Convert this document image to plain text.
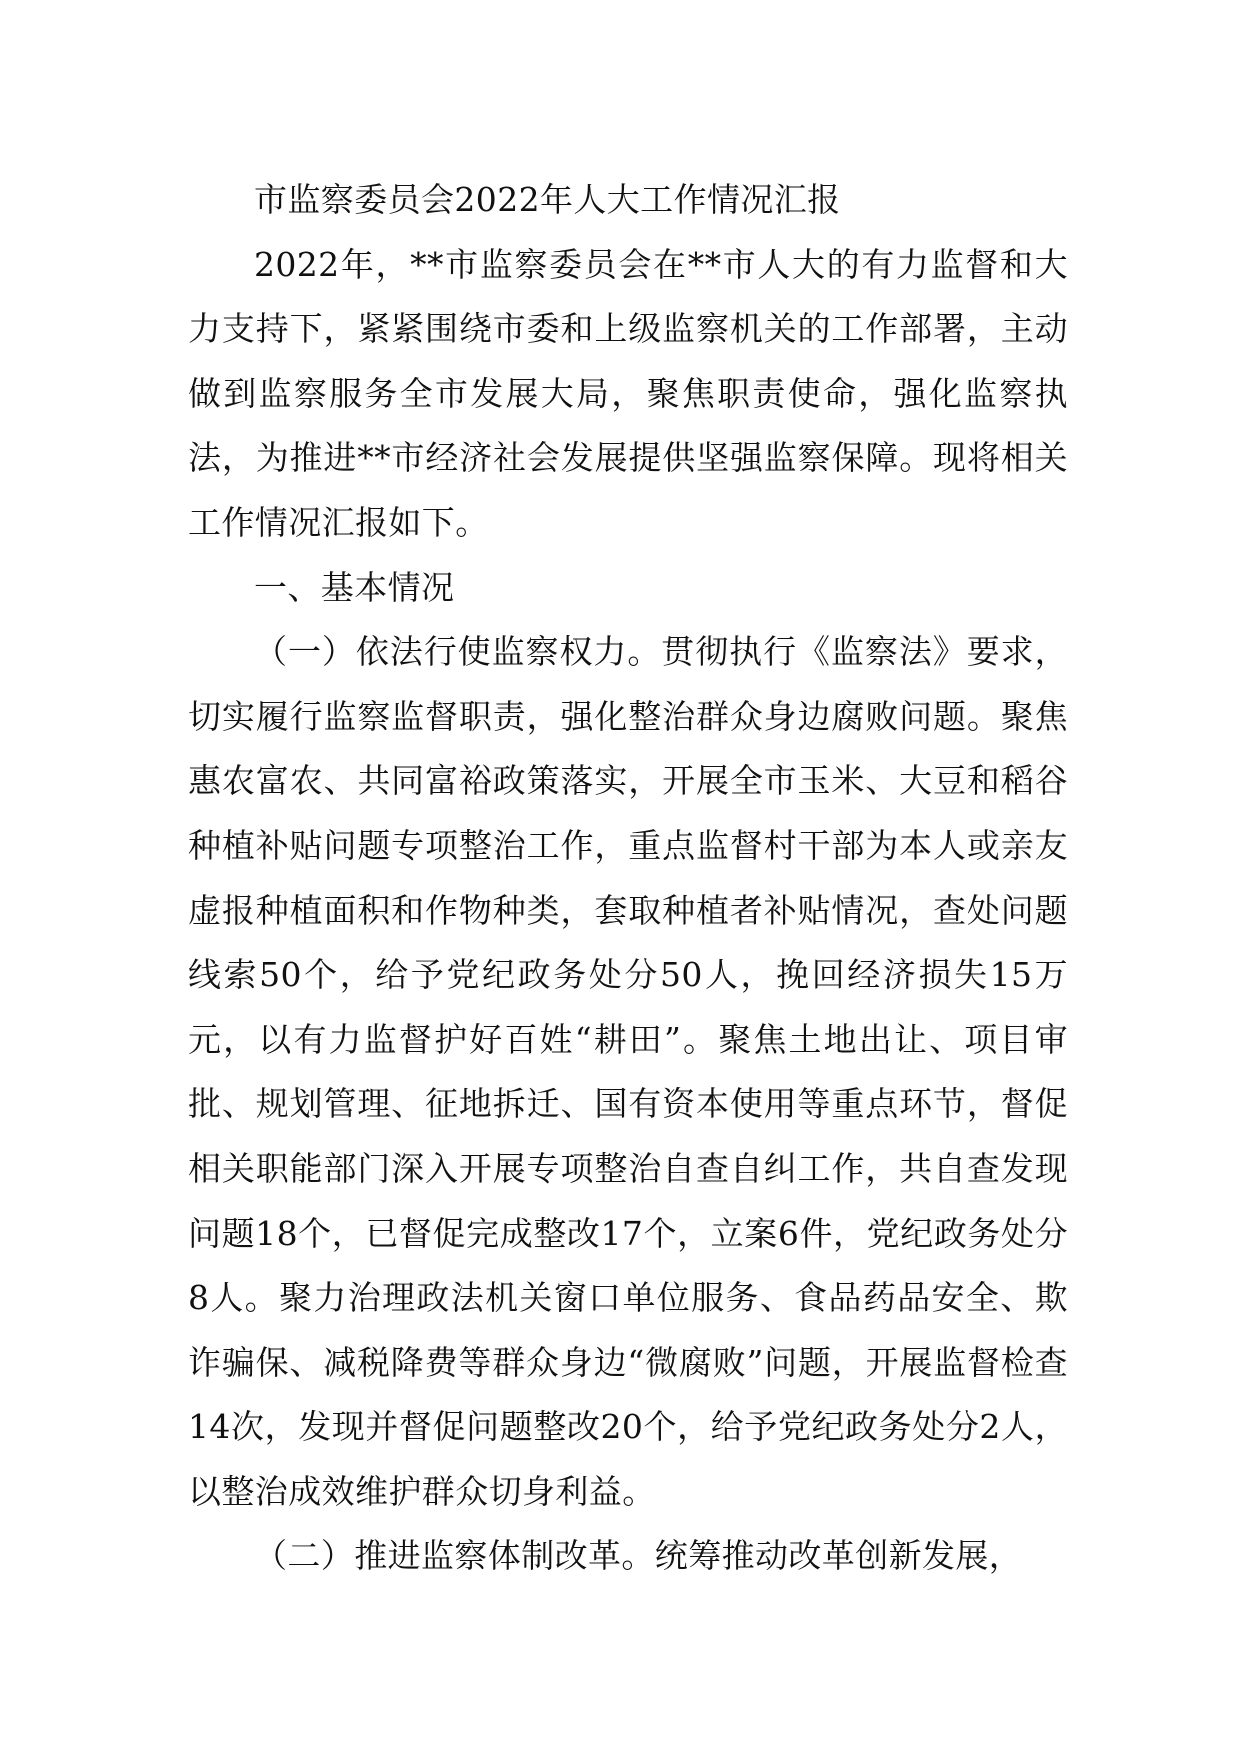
市监察委员会2022年人大工作情况汇报

2022年，**市监察委员会在**市人大的有力监督和大力支持下，紧紧围绕市委和上级监察机关的工作部署，主动做到监察服务全市发展大局，聚焦职责使命，强化监察执法，为推进**市经济社会发展提供坚强监察保障。现将相关工作情况汇报如下。

一、基本情况

（一）依法行使监察权力。贯彻执行《监察法》要求，切实履行监察监督职责，强化整治群众身边腐败问题。聚焦惠农富农、共同富裕政策落实，开展全市玉米、大豆和稻谷种植补贴问题专项整治工作，重点监督村干部为本人或亲友虚报种植面积和作物种类，套取种植者补贴情况，查处问题线索50个，给予党纪政务处分50人，挽回经济损失15万元，以有力监督护好百姓“耕田”。聚焦土地出让、项目审批、规划管理、征地拆迁、国有资本使用等重点环节，督促相关职能部门深入开展专项整治自查自纠工作，共自查发现问题18个，已督促完成整改17个，立案6件，党纪政务处分8人。聚力治理政法机关窗口单位服务、食品药品安全、欺诈骗保、减税降费等群众身边“微腐败”问题，开展监督检查14次，发现并督促问题整改20个，给予党纪政务处分2人，以整治成效维护群众切身利益。

（二）推进监察体制改革。统筹推动改革创新发展，
